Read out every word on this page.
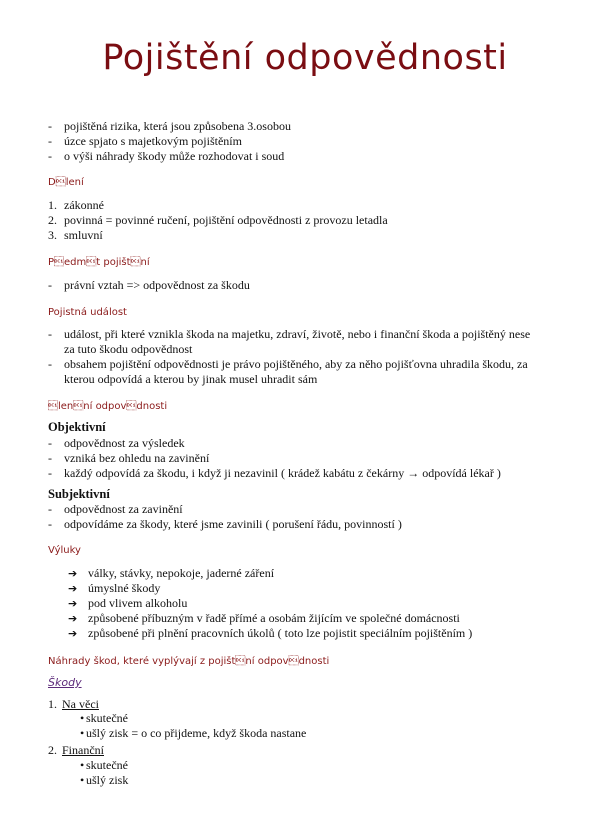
Pojištění odpovědnosti
- pojištěná rizika, která jsou způsobena 3.osobou
- úzce spjato s majetkovým pojištěním
- o výši náhrady škody může rozhodovat i soud
Dlení
1. zákonné
2. povinná = povinné ručení, pojištění odpovědnosti z provozu letadla
3. smluvní
Pedmt pojištní
- právní vztah => odpovědnost za škodu
Pojistná událost
- událost, při které vznikla škoda na majetku, zdraví, životě, nebo i finanční škoda a pojištěný nese
za tuto škodu odpovědnost
- obsahem pojištění odpovědnosti je právo pojištěného, aby za něho pojišťovna uhradila škodu, za
kterou odpovídá a kterou by jinak musel uhradit sám
lenní odpovdnosti
Objektivní
- odpovědnost za výsledek
- vzniká bez ohledu na zavinění
- každý odpovídá za škodu, i když ji nezavinil ( krádež kabátu z čekárny → odpovídá lékař )
Subjektivní
- odpovědnost za zavinění
- odpovídáme za škody, které jsme zavinili ( porušení řádu, povinností )
Výluky
➔ války, stávky, nepokoje, jaderné záření
➔ úmyslné škody
➔ pod vlivem alkoholu
➔ způsobené příbuzným v řadě přímé a osobám žijícím ve společné domácnosti
➔ způsobené při plnění pracovních úkolů ( toto lze pojistit speciálním pojištěním )
Náhrady škod, které vyplývají z pojištní odpovdnosti
Škody
1. Na věci
• skutečné
• ušlý zisk = o co přijdeme, když škoda nastane
2. Finanční
• skutečné
• ušlý zisk
